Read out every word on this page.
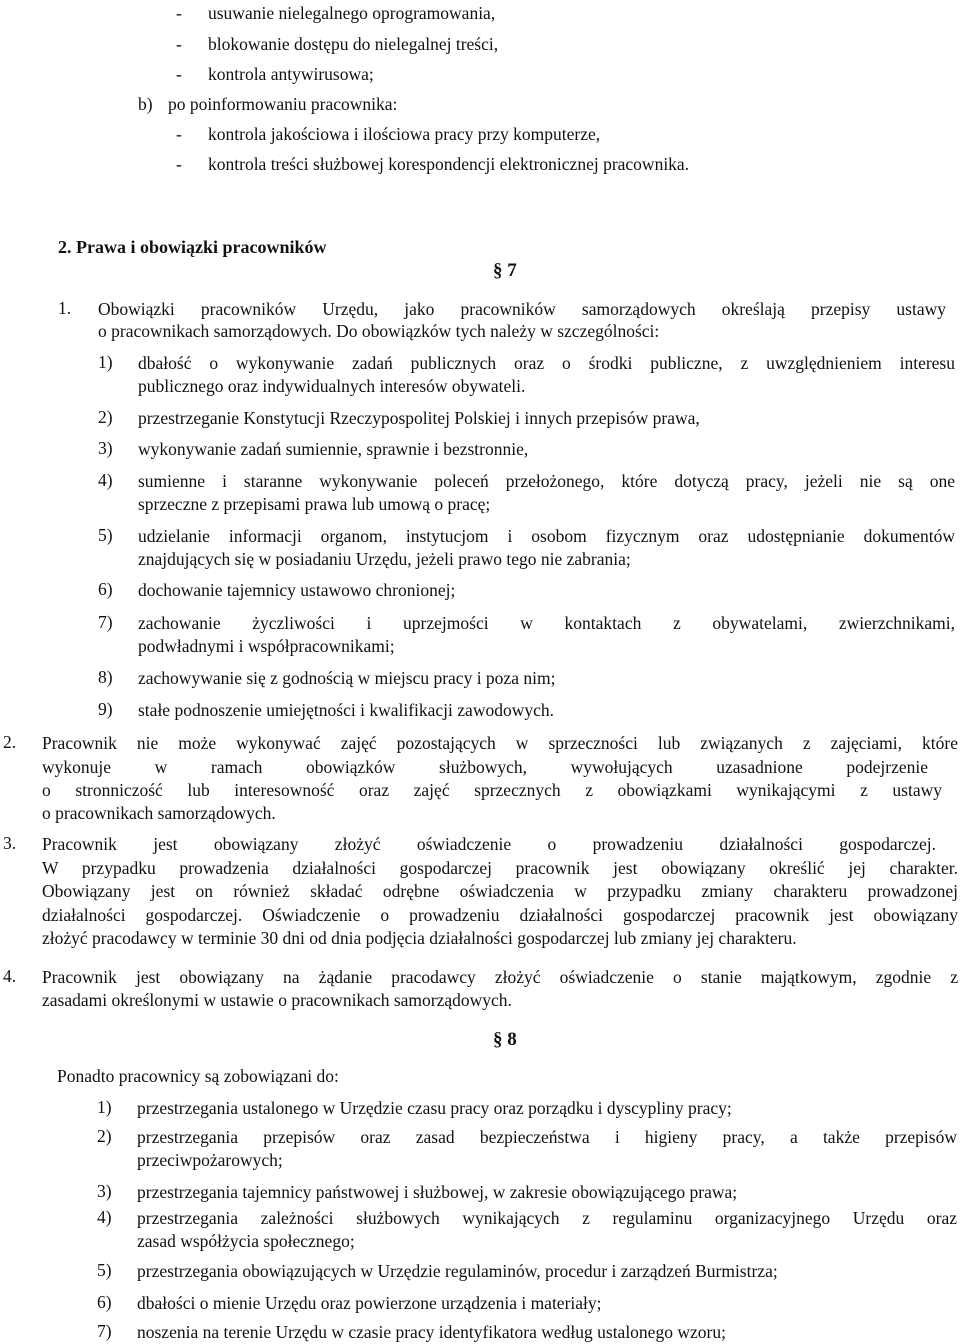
- usuwanie nielegalnego oprogramowania,
- blokowanie dostępu do nielegalnej treści,
- kontrola antywirusowa;
b) po poinformowaniu pracownika:
- kontrola jakościowa i ilościowa pracy przy komputerze,
- kontrola treści służbowej korespondencji elektronicznej pracownika.
2. Prawa i obowiązki pracowników
§ 7
1. Obowiązki pracowników Urzędu, jako pracowników samorządowych określają przepisy ustawy
o pracownikach samorządowych. Do obowiązków tych należy w szczególności:
1) dbałość o wykonywanie zadań publicznych oraz o środki publiczne, z uwzględnieniem interesu
publicznego oraz indywidualnych interesów obywateli.
2) przestrzeganie Konstytucji Rzeczypospolitej Polskiej i innych przepisów prawa,
3) wykonywanie zadań sumiennie, sprawnie i bezstronnie,
4) sumienne i staranne wykonywanie poleceń przełożonego, które dotyczą pracy, jeżeli nie są one
sprzeczne z przepisami prawa lub umową o pracę;
5) udzielanie informacji organom, instytucjom i osobom fizycznym oraz udostępnianie dokumentów
znajdujących się w posiadaniu Urzędu, jeżeli prawo tego nie zabrania;
6) dochowanie tajemnicy ustawowo chronionej;
7) zachowanie życzliwości i uprzejmości w kontaktach z obywatelami, zwierzchnikami,
podwładnymi i współpracownikami;
8) zachowywanie się z godnością w miejscu pracy i poza nim;
9) stałe podnoszenie umiejętności i kwalifikacji zawodowych.
2. Pracownik nie może wykonywać zajęć pozostających w sprzeczności lub związanych z zajęciami, które
wykonuje w ramach obowiązków służbowych, wywołujących uzasadnione podejrzenie
o stronniczość lub interesowność oraz zajęć sprzecznych z obowiązkami wynikającymi z ustawy
o pracownikach samorządowych.
3. Pracownik jest obowiązany złożyć oświadczenie o prowadzeniu działalności gospodarczej.
W przypadku prowadzenia działalności gospodarczej pracownik jest obowiązany określić jej charakter.
Obowiązany jest on również składać odrębne oświadczenia w przypadku zmiany charakteru prowadzonej
działalności gospodarczej. Oświadczenie o prowadzeniu działalności gospodarczej pracownik jest obowiązany
złożyć pracodawcy w terminie 30 dni od dnia podjęcia działalności gospodarczej lub zmiany jej charakteru.
4. Pracownik jest obowiązany na żądanie pracodawcy złożyć oświadczenie o stanie majątkowym, zgodnie z
zasadami określonymi w ustawie o pracownikach samorządowych.
§ 8
Ponadto pracownicy są zobowiązani do:
1) przestrzegania ustalonego w Urzędzie czasu pracy oraz porządku i dyscypliny pracy;
2) przestrzegania przepisów oraz zasad bezpieczeństwa i higieny pracy, a także przepisów
przeciwpożarowych;
3) przestrzegania tajemnicy państwowej i służbowej, w zakresie obowiązującego prawa;
4) przestrzegania zależności służbowych wynikających z regulaminu organizacyjnego Urzędu oraz
zasad współżycia społecznego;
5) przestrzegania obowiązujących w Urzędzie regulaminów, procedur i zarządzeń Burmistrza;
6) dbałości o mienie Urzędu oraz powierzone urządzenia i materiały;
7) noszenia na terenie Urzędu w czasie pracy identyfikatora według ustalonego wzoru;
